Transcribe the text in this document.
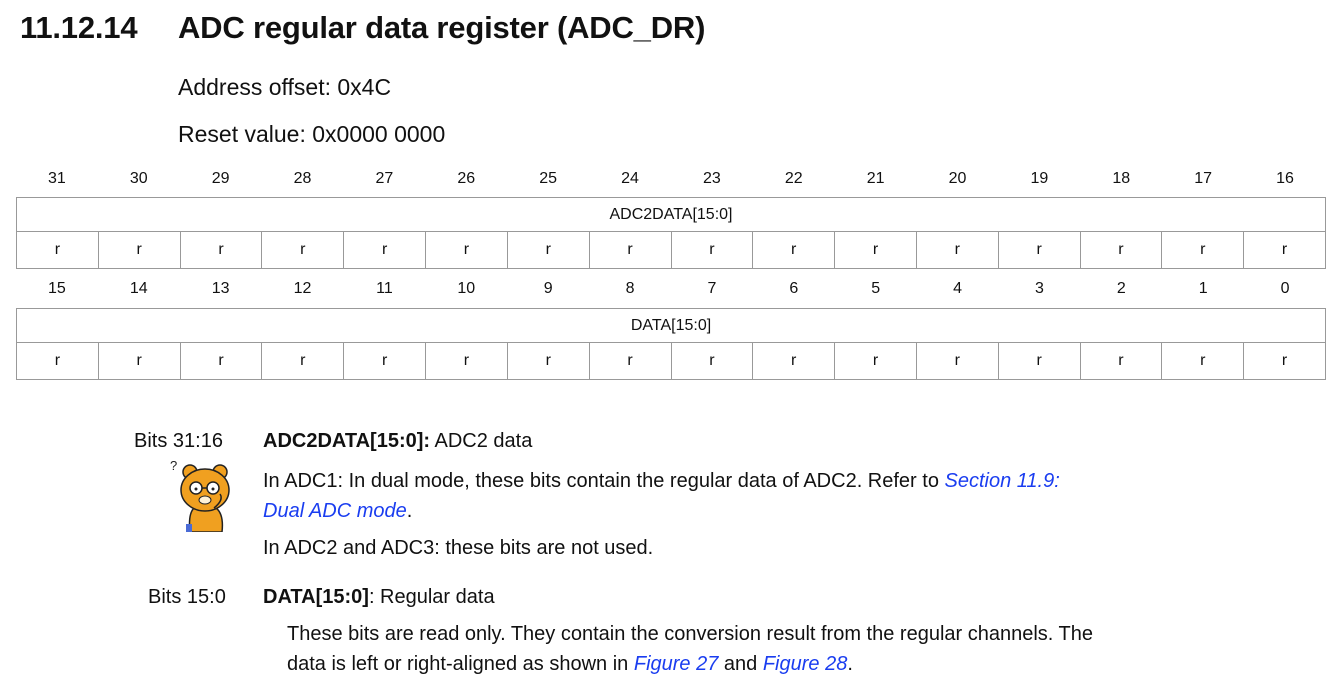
11.12.14 ADC regular data register (ADC_DR)
Address offset: 0x4C
Reset value: 0x0000 0000
31	30	29	28	27	26	25	24	23	22	21	20	19	18	17	16
ADC2DATA[15:0]
r	r	r	r	r	r	r	r	r	r	r	r	r	r	r	r
15	14	13	12	11	10	9	8	7	6	5	4	3	2	1	0
DATA[15:0]
r	r	r	r	r	r	r	r	r	r	r	r	r	r	r	r
Bits 31:16 ADC2DATA[15:0]: ADC2 data
In ADC1: In dual mode, these bits contain the regular data of ADC2. Refer to Section 11.9:
Dual ADC mode.
In ADC2 and ADC3: these bits are not used.
?
Bits 15:0 DATA[15:0]: Regular data
These bits are read only. They contain the conversion result from the regular channels. The
data is left or right-aligned as shown in Figure 27 and Figure 28.
